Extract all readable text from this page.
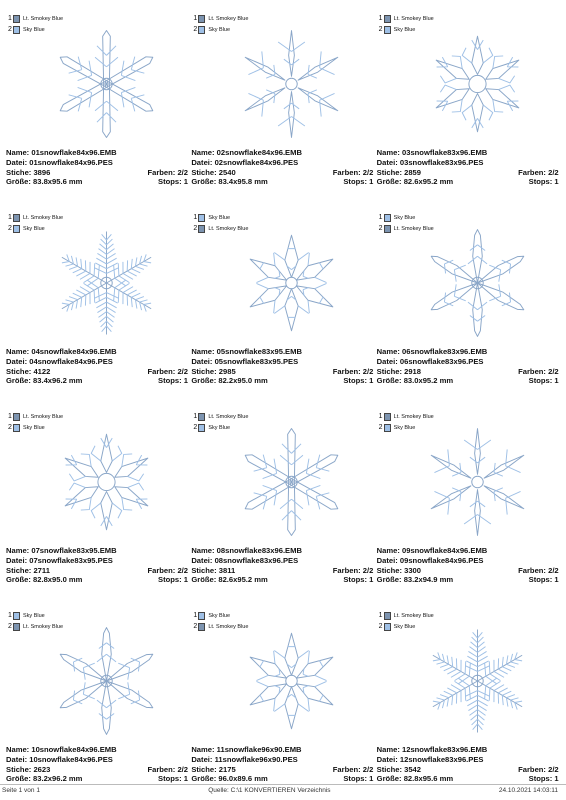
1 Lt. Smokey Blue
2 Sky Blue
Name: 01snowflake84x96.EMB
Datei: 01snowflake84x96.PES
Stiche: 3896	Farben: 2/2
Größe: 83.8x95.6 mm	Stops: 1
1 Lt. Smokey Blue
2 Sky Blue
Name: 02snowflake84x96.EMB
Datei: 02snowflake84x96.PES
Stiche: 2540	Farben: 2/2
Größe: 83.4x95.8 mm	Stops: 1
1 Lt. Smokey Blue
2 Sky Blue
Name: 03snowflake83x96.EMB
Datei: 03snowflake83x96.PES
Stiche: 2859	Farben: 2/2
Größe: 82.6x95.2 mm	Stops: 1
1 Lt. Smokey Blue
2 Sky Blue
Name: 04snowflake84x96.EMB
Datei: 04snowflake84x96.PES
Stiche: 4122	Farben: 2/2
Größe: 83.4x96.2 mm	Stops: 1
1 Sky Blue
2 Lt. Smokey Blue
Name: 05snowflake83x95.EMB
Datei: 05snowflake83x95.PES
Stiche: 2985	Farben: 2/2
Größe: 82.2x95.0 mm	Stops: 1
1 Sky Blue
2 Lt. Smokey Blue
Name: 06snowflake83x96.EMB
Datei: 06snowflake83x96.PES
Stiche: 2918	Farben: 2/2
Größe: 83.0x95.2 mm	Stops: 1
1 Lt. Smokey Blue
2 Sky Blue
Name: 07snowflake83x95.EMB
Datei: 07snowflake83x95.PES
Stiche: 2711	Farben: 2/2
Größe: 82.8x95.0 mm	Stops: 1
1 Lt. Smokey Blue
2 Sky Blue
Name: 08snowflake83x96.EMB
Datei: 08snowflake83x96.PES
Stiche: 3811	Farben: 2/2
Größe: 82.6x95.2 mm	Stops: 1
1 Lt. Smokey Blue
2 Sky Blue
Name: 09snowflake84x96.EMB
Datei: 09snowflake84x96.PES
Stiche: 3300	Farben: 2/2
Größe: 83.2x94.9 mm	Stops: 1
1 Sky Blue
2 Lt. Smokey Blue
Name: 10snowflake84x96.EMB
Datei: 10snowflake84x96.PES
Stiche: 2623	Farben: 2/2
Größe: 83.2x96.2 mm	Stops: 1
1 Sky Blue
2 Lt. Smokey Blue
Name: 11snowflake96x90.EMB
Datei: 11snowflake96x90.PES
Stiche: 2175	Farben: 2/2
Größe: 96.0x89.6 mm	Stops: 1
1 Lt. Smokey Blue
2 Sky Blue
Name: 12snowflake83x96.EMB
Datei: 12snowflake83x96.PES
Stiche: 3542	Farben: 2/2
Größe: 82.8x95.6 mm	Stops: 1
Seite 1 von 1	Quelle: C:\1 KONVERTIEREN Verzeichnis	24.10.2021 14:03:11
